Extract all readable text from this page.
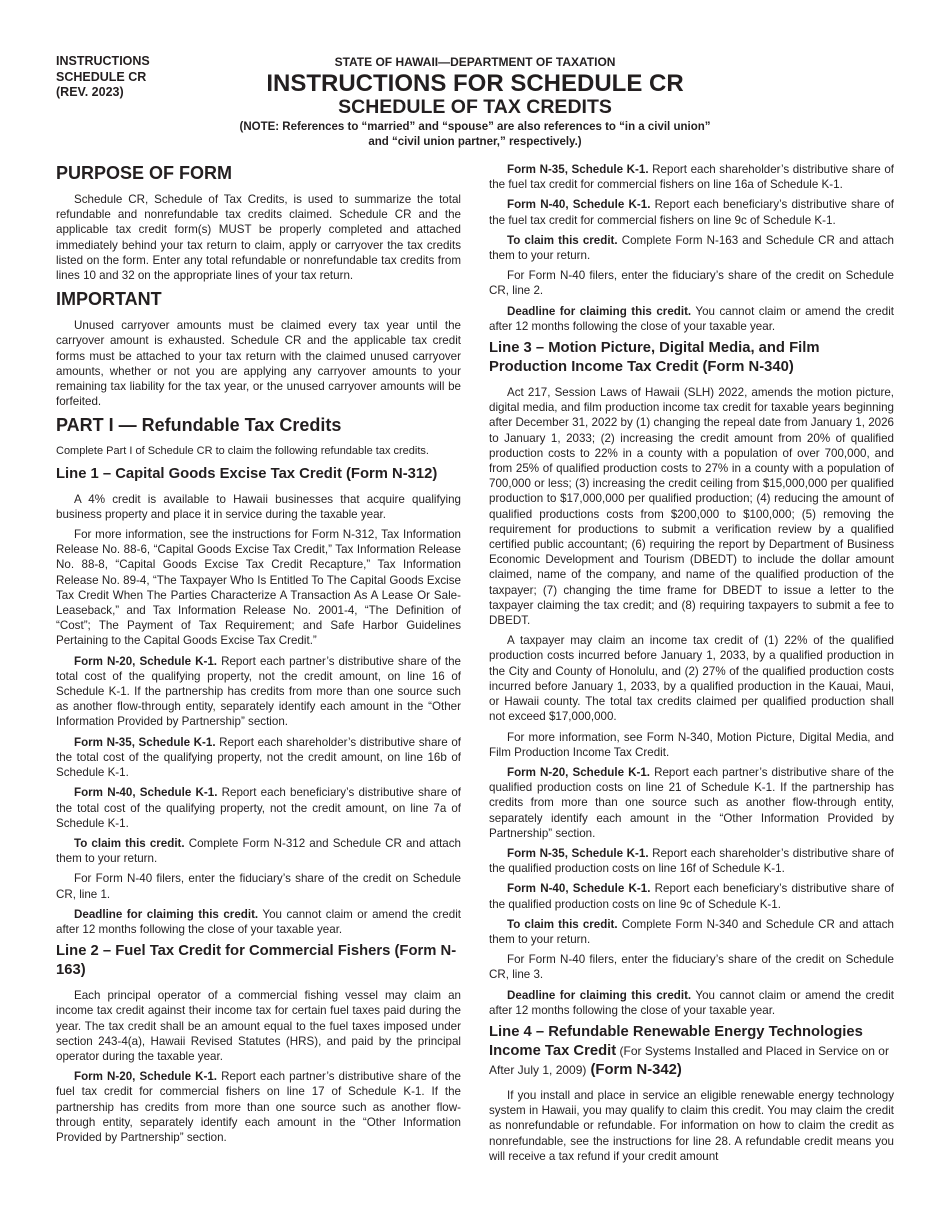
INSTRUCTIONS
SCHEDULE CR
(REV. 2023)
STATE OF HAWAII—DEPARTMENT OF TAXATION
INSTRUCTIONS FOR SCHEDULE CR
SCHEDULE OF TAX CREDITS
(NOTE: References to “married” and “spouse” are also references to “in a civil union”
and “civil union partner,” respectively.)
PURPOSE OF FORM

Schedule CR, Schedule of Tax Credits, is used to summarize the total refundable and nonrefundable tax credits claimed. Schedule CR and the applicable tax credit form(s) MUST be properly completed and attached immediately behind your tax return to claim, apply or carryover the tax credits listed on the form. Enter any total refundable or nonrefundable tax credits from lines 10 and 32 on the appropriate lines of your tax return.

IMPORTANT

Unused carryover amounts must be claimed every tax year until the carryover amount is exhausted. Schedule CR and the applicable tax credit forms must be attached to your tax return with the claimed unused carryover amounts, whether or not you are applying any carryover amounts to your remaining tax liability for the tax year, or the unused carryover amounts will be forfeited.

PART I — Refundable Tax Credits

Complete Part I of Schedule CR to claim the following refundable tax credits.

Line 1 – Capital Goods Excise Tax Credit (Form N-312)

A 4% credit is available to Hawaii businesses that acquire qualifying business property and place it in service during the taxable year.

For more information, see the instructions for Form N-312, Tax Information Release No. 88-6, “Capital Goods Excise Tax Credit,” Tax Information Release No. 88-8, “Capital Goods Excise Tax Credit Recapture,” Tax Information Release No. 89-4, “The Taxpayer Who Is Entitled To The Capital Goods Excise Tax Credit When The Parties Characterize A Transaction As A Lease Or Sale-Leaseback,” and Tax Information Release No. 2001-4, “The Definition of “Cost”; The Payment of Tax Requirement; and Safe Harbor Guidelines Pertaining to the Capital Goods Excise Tax Credit.”

Form N-20, Schedule K-1. Report each partner’s distributive share of the total cost of the qualifying property, not the credit amount, on line 16 of Schedule K-1. If the partnership has credits from more than one source such as another flow-through entity, separately identify each amount in the “Other Information Provided by Partnership” section.

Form N-35, Schedule K-1. Report each shareholder’s distributive share of the total cost of the qualifying property, not the credit amount, on line 16b of Schedule K-1.

Form N-40, Schedule K-1. Report each beneficiary’s distributive share of the total cost of the qualifying property, not the credit amount, on line 7a of Schedule K-1.

To claim this credit. Complete Form N-312 and Schedule CR and attach them to your return.

For Form N-40 filers, enter the fiduciary’s share of the credit on Schedule CR, line 1.

Deadline for claiming this credit. You cannot claim or amend the credit after 12 months following the close of your taxable year.

Line 2 – Fuel Tax Credit for Commercial Fishers (Form N-163)

Each principal operator of a commercial fishing vessel may claim an income tax credit against their income tax for certain fuel taxes paid during the year. The tax credit shall be an amount equal to the fuel taxes imposed under section 243-4(a), Hawaii Revised Statutes (HRS), and paid by the principal operator during the taxable year.

Form N-20, Schedule K-1. Report each partner’s distributive share of the fuel tax credit for commercial fishers on line 17 of Schedule K-1. If the partnership has credits from more than one source such as another flow-through entity, separately identify each amount in the “Other Information Provided by Partnership” section.

Form N-35, Schedule K-1. Report each shareholder’s distributive share of the fuel tax credit for commercial fishers on line 16a of Schedule K-1.

Form N-40, Schedule K-1. Report each beneficiary’s distributive share of the fuel tax credit for commercial fishers on line 9c of Schedule K-1.

To claim this credit. Complete Form N-163 and Schedule CR and attach them to your return.

For Form N-40 filers, enter the fiduciary’s share of the credit on Schedule CR, line 2.

Deadline for claiming this credit. You cannot claim or amend the credit after 12 months following the close of your taxable year.

Line 3 – Motion Picture, Digital Media, and Film Production Income Tax Credit (Form N-340)

Act 217, Session Laws of Hawaii (SLH) 2022, amends the motion picture, digital media, and film production income tax credit for taxable years beginning after December 31, 2022 by (1) changing the repeal date from January 1, 2026 to January 1, 2033; (2) increasing the credit amount from 20% of qualified production costs to 22% in a county with a population of over 700,000, and from 25% of qualified production costs to 27% in a county with a population of 700,000 or less; (3) increasing the credit ceiling from $15,000,000 per qualified production to $17,000,000 per qualified production; (4) reducing the amount of qualified productions costs from $200,000 to $100,000; (5) removing the requirement for productions to submit a verification review by a qualified certified public accountant; (6) requiring the report by Department of Business Economic Development and Tourism (DBEDT) to include the dollar amount claimed, name of the company, and name of the qualified production of the taxpayer; (7) changing the time frame for DBEDT to issue a letter to the taxpayer claiming the tax credit; and (8) requiring taxpayers to submit a fee to DBEDT.

A taxpayer may claim an income tax credit of (1) 22% of the qualified production costs incurred before January 1, 2033, by a qualified production in the City and County of Honolulu, and (2) 27% of the qualified production costs incurred before January 1, 2033, by a qualified production in the Kauai, Maui, or Hawaii county. The total tax credits claimed per qualified production shall not exceed $17,000,000.

For more information, see Form N-340, Motion Picture, Digital Media, and Film Production Income Tax Credit.

Form N-20, Schedule K-1. Report each partner’s distributive share of the qualified production costs on line 21 of Schedule K-1. If the partnership has credits from more than one source such as another flow-through entity, separately identify each amount in the “Other Information Provided by Partnership” section.

Form N-35, Schedule K-1. Report each shareholder’s distributive share of the qualified production costs on line 16f of Schedule K-1.

Form N-40, Schedule K-1. Report each beneficiary’s distributive share of the qualified production costs on line 9c of Schedule K-1.

To claim this credit. Complete Form N-340 and Schedule CR and attach them to your return.

For Form N-40 filers, enter the fiduciary’s share of the credit on Schedule CR, line 3.

Deadline for claiming this credit. You cannot claim or amend the credit after 12 months following the close of your taxable year.

Line 4 – Refundable Renewable Energy Technologies Income Tax Credit (For Systems Installed and Placed in Service on or After July 1, 2009) (Form N-342)

If you install and place in service an eligible renewable energy technology system in Hawaii, you may qualify to claim this credit. You may claim the credit as nonrefundable or refundable. For information on how to claim the credit as nonrefundable, see the instructions for line 28. A refundable credit means you will receive a tax refund if your credit amount
